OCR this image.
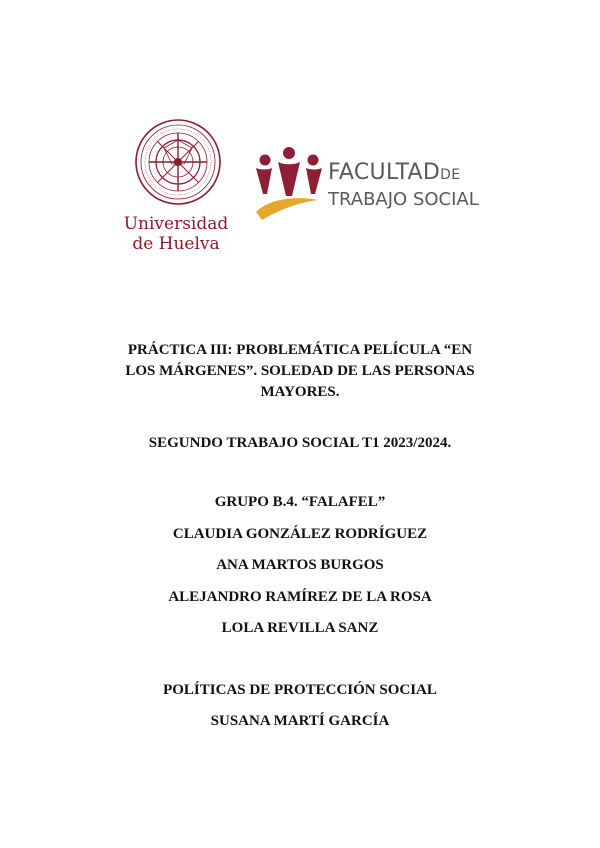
Universidad
de Huelva
FACULTADDE
TRABAJO SOCIAL
PRÁCTICA III: PROBLEMÁTICA PELÍCULA “EN
LOS MÁRGENES”. SOLEDAD DE LAS PERSONAS
MAYORES.
SEGUNDO TRABAJO SOCIAL T1 2023/2024.
GRUPO B.4. “FALAFEL”
CLAUDIA GONZÁLEZ RODRÍGUEZ
ANA MARTOS BURGOS
ALEJANDRO RAMÍREZ DE LA ROSA
LOLA REVILLA SANZ
POLÍTICAS DE PROTECCIÓN SOCIAL
SUSANA MARTÍ GARCÍA
